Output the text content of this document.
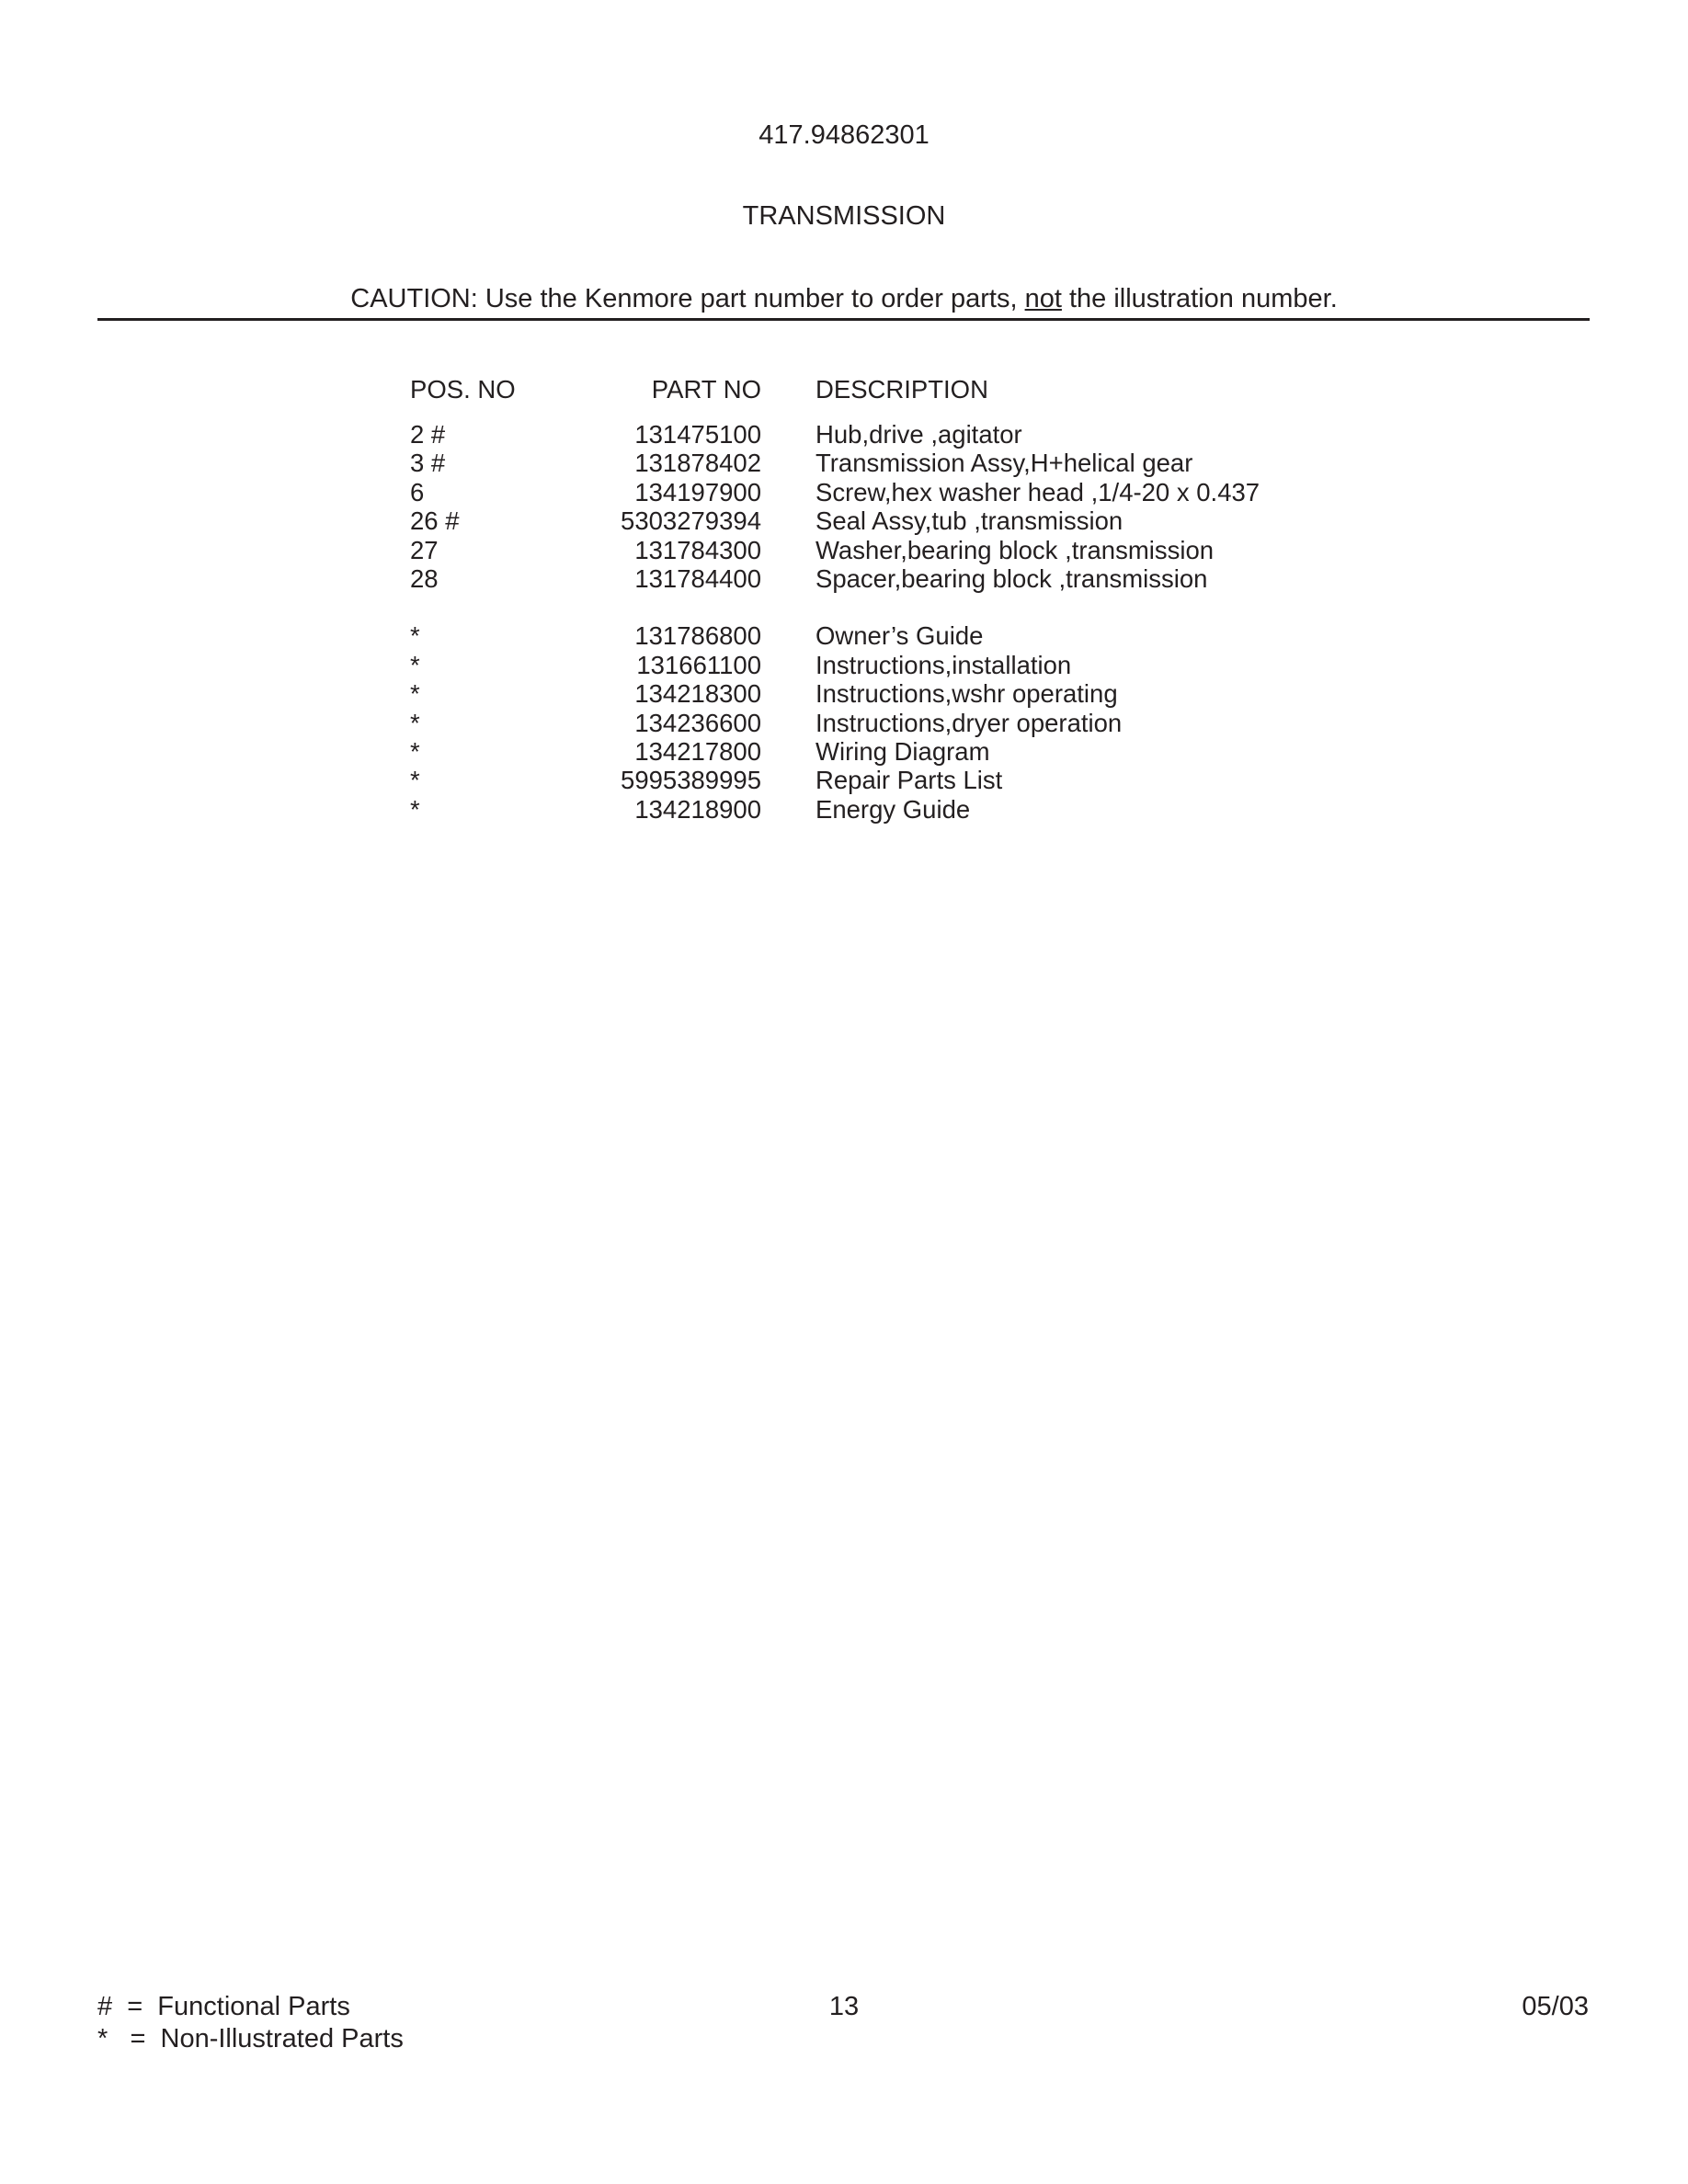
417.94862301
TRANSMISSION
CAUTION: Use the Kenmore part number to order parts, not the illustration number.
POS. NO	PART NO		DESCRIPTION
2 #	131475100		Hub,drive ,agitator
3 #	131878402		Transmission Assy,H+helical gear
6	134197900		Screw,hex washer head ,1/4-20 x 0.437
26 #	5303279394		Seal Assy,tub ,transmission
27	131784300		Washer,bearing block ,transmission
28	131784400		Spacer,bearing block ,transmission

*	131786800		Owner’s Guide
*	131661100		Instructions,installation
*	134218300		Instructions,wshr operating
*	134236600		Instructions,dryer operation
*	134217800		Wiring Diagram
*	5995389995		Repair Parts List
*	134218900		Energy Guide
#  =  Functional Parts
*   =  Non-Illustrated Parts
13	05/03
